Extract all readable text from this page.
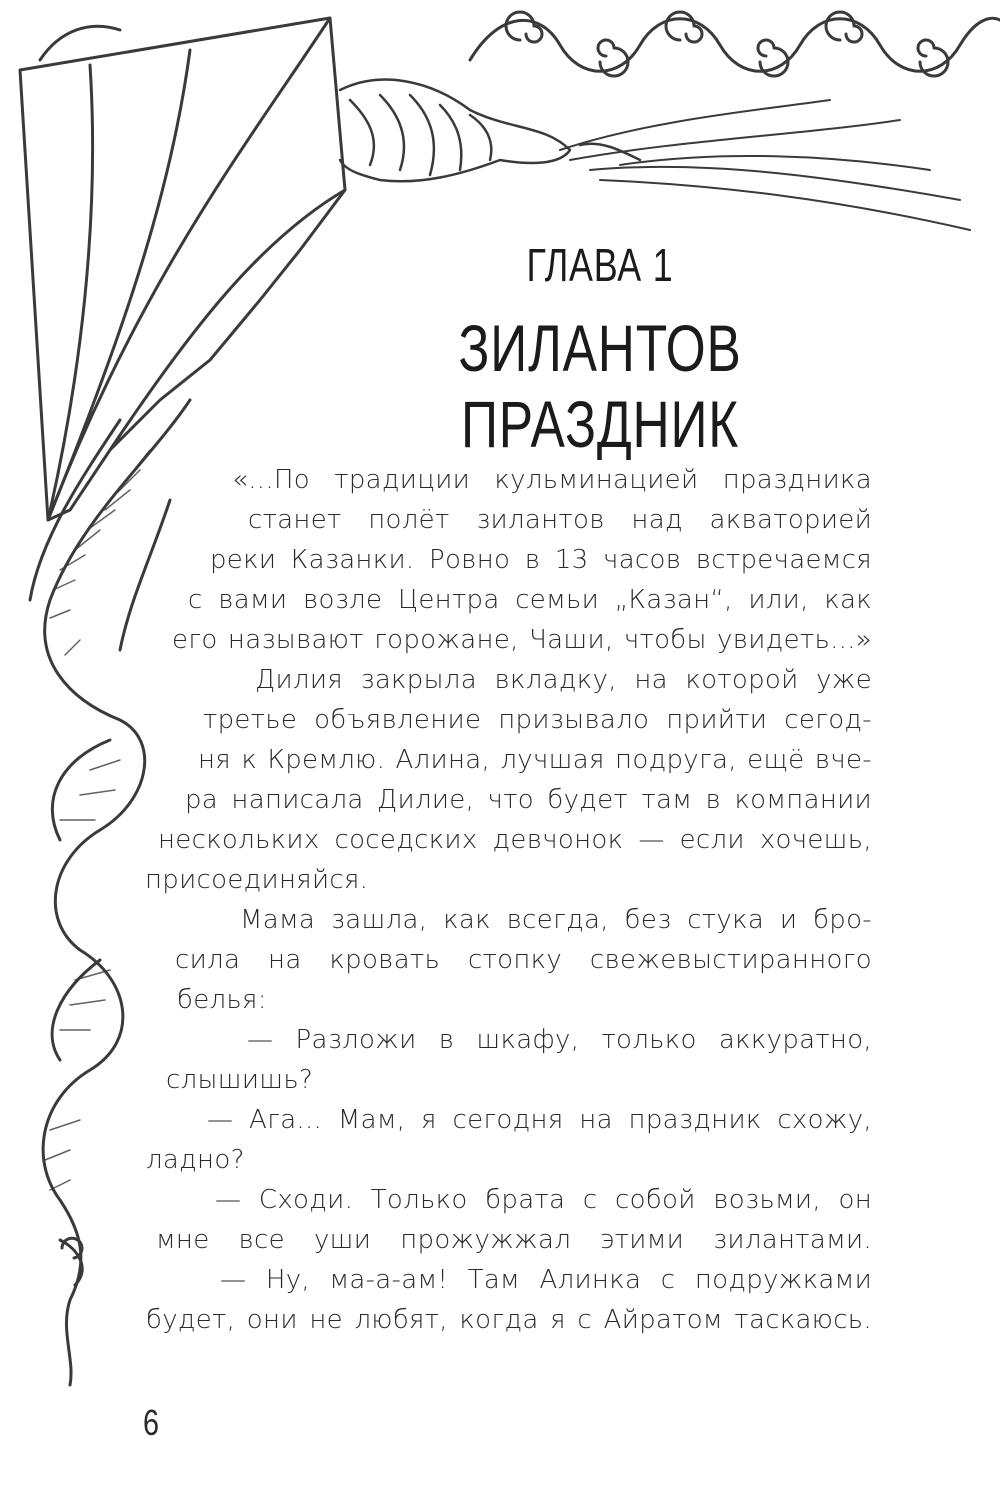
ГЛАВА 1
ЗИЛАНТОВ ПРАЗДНИК
«...По традиции кульминацией праздника
станет полёт зилантов над акваторией
реки Казанки. Ровно в 13 часов встречаемся
с вами возле Центра семьи „Казан“, или, как
его называют горожане, Чаши, чтобы увидеть...»
Дилия закрыла вкладку, на которой уже
третье объявление призывало прийти сегод-
ня к Кремлю. Алина, лучшая подруга, ещё вче-
ра написала Дилие, что будет там в компании
нескольких соседских девчонок — если хочешь,
присоединяйся.
Мама зашла, как всегда, без стука и бро-
сила на кровать стопку свежевыстиранного
белья:
— Разложи в шкафу, только аккуратно,
слышишь?
— Ага... Мам, я сегодня на праздник схожу,
ладно?
— Сходи. Только брата с собой возьми, он
мне все уши прожужжал этими зилантами.
— Ну, ма-а-ам! Там Алинка с подружками
будет, они не любят, когда я с Айратом таскаюсь.
6
